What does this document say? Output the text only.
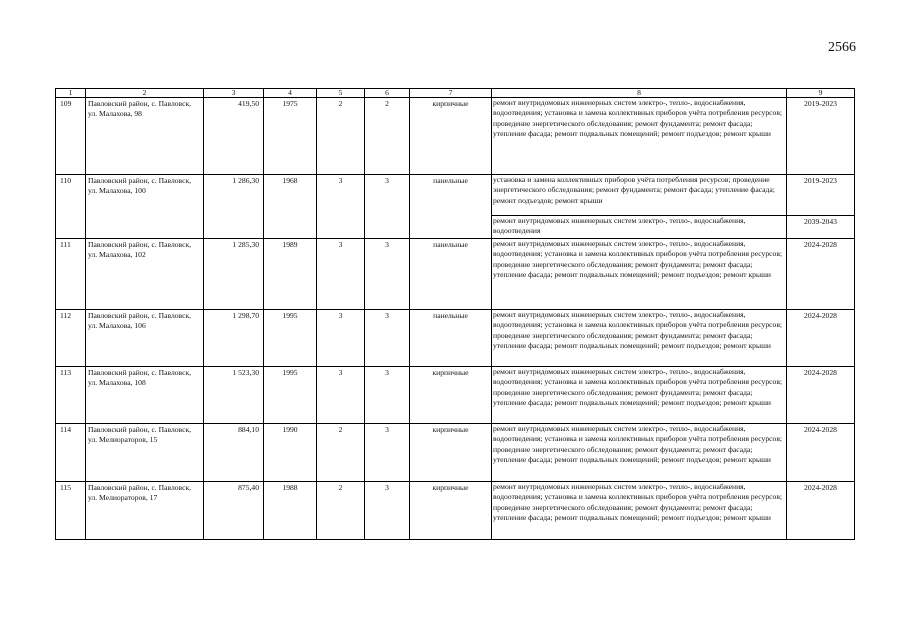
2566
1	2	3	4	5	6	7	8	9
109	Павловский район, с. Павловск, ул. Малахова, 98	419,50	1975	2	2	кирпичные	ремонт внутридомовых инженерных систем электро-, тепло-, водоснабжения, водоотведения; установка и замена коллективных приборов учёта потребления ресурсов; проведение энергетического обследования; ремонт фундамента; ремонт фасада; утепление фасада; ремонт подвальных помещений; ремонт подъездов; ремонт крыши	2019-2023
110	Павловский район, с. Павловск, ул. Малахова, 100	1 286,30	1968	3	3	панельные	установка и замена коллективных приборов учёта потребления ресурсов; проведение энергетического обследования; ремонт фундамента; ремонт фасада; утепление фасада; ремонт подъездов; ремонт крыши	2019-2023
							ремонт внутридомовых инженерных систем электро-, тепло-, водоснабжения, водоотведения	2039-2043
111	Павловский район, с. Павловск, ул. Малахова, 102	1 285,30	1989	3	3	панельные	ремонт внутридомовых инженерных систем электро-, тепло-, водоснабжения, водоотведения; установка и замена коллективных приборов учёта потребления ресурсов; проведение энергетического обследования; ремонт фундамента; ремонт фасада; утепление фасада; ремонт подвальных помещений; ремонт подъездов; ремонт крыши	2024-2028
112	Павловский район, с. Павловск, ул. Малахова, 106	1 298,70	1995	3	3	панельные	ремонт внутридомовых инженерных систем электро-, тепло-, водоснабжения, водоотведения; установка и замена коллективных приборов учёта потребления ресурсов; проведение энергетического обследования; ремонт фундамента; ремонт фасада; утепление фасада; ремонт подвальных помещений; ремонт подъездов; ремонт крыши	2024-2028
113	Павловский район, с. Павловск, ул. Малахова, 108	1 523,30	1995	3	3	кирпичные	ремонт внутридомовых инженерных систем электро-, тепло-, водоснабжения, водоотведения; установка и замена коллективных приборов учёта потребления ресурсов; проведение энергетического обследования; ремонт фундамента; ремонт фасада; утепление фасада; ремонт подвальных помещений; ремонт подъездов; ремонт крыши	2024-2028
114	Павловский район, с. Павловск, ул. Мелиораторов, 15	884,10	1990	2	3	кирпичные	ремонт внутридомовых инженерных систем электро-, тепло-, водоснабжения, водоотведения; установка и замена коллективных приборов учёта потребления ресурсов; проведение энергетического обследования; ремонт фундамента; ремонт фасада; утепление фасада; ремонт подвальных помещений; ремонт подъездов; ремонт крыши	2024-2028
115	Павловский район, с. Павловск, ул. Мелиораторов, 17	875,40	1988	2	3	кирпичные	ремонт внутридомовых инженерных систем электро-, тепло-, водоснабжения, водоотведения; установка и замена коллективных приборов учёта потребления ресурсов; проведение энергетического обследования; ремонт фундамента; ремонт фасада; утепление фасада; ремонт подвальных помещений; ремонт подъездов; ремонт крыши	2024-2028
